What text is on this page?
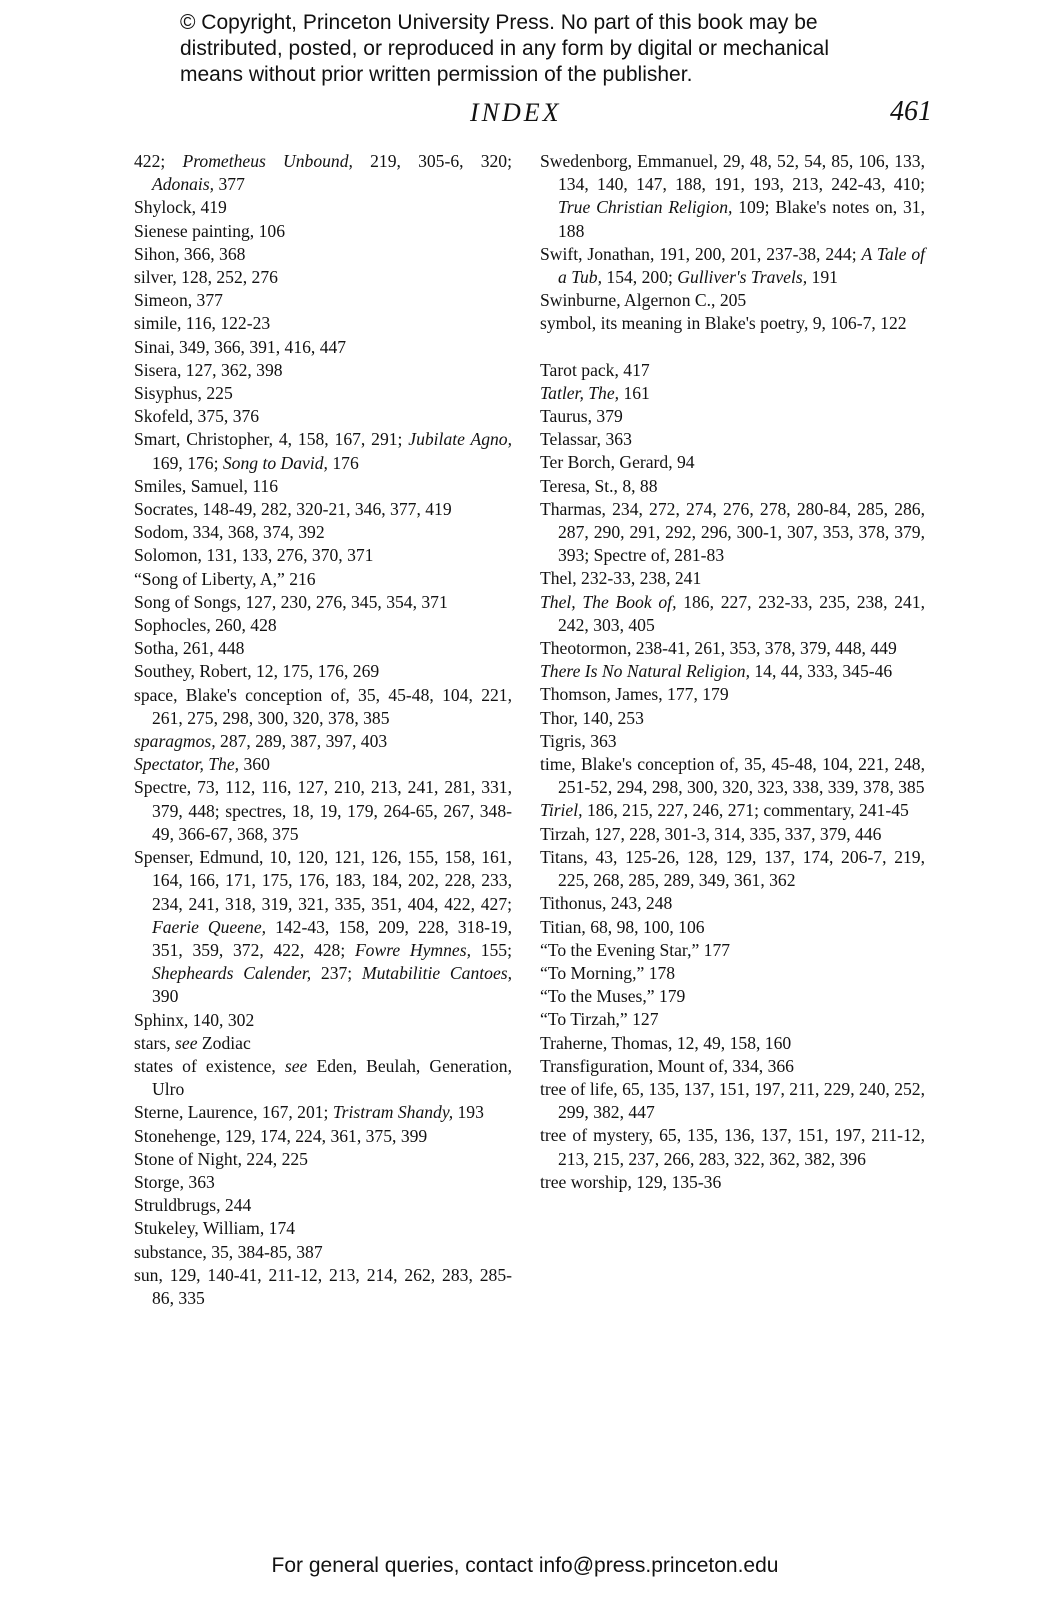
© Copyright, Princeton University Press. No part of this book may be
distributed, posted, or reproduced in any form by digital or mechanical
means without prior written permission of the publisher.
INDEX	461
422; Prometheus Unbound, 219, 305-6, 320; Adonais, 377
Shylock, 419
Sienese painting, 106
Sihon, 366, 368
silver, 128, 252, 276
Simeon, 377
simile, 116, 122-23
Sinai, 349, 366, 391, 416, 447
Sisera, 127, 362, 398
Sisyphus, 225
Skofeld, 375, 376
Smart, Christopher, 4, 158, 167, 291; Jubilate Agno, 169, 176; Song to David, 176
Smiles, Samuel, 116
Socrates, 148-49, 282, 320-21, 346, 377, 419
Sodom, 334, 368, 374, 392
Solomon, 131, 133, 276, 370, 371
“Song of Liberty, A,” 216
Song of Songs, 127, 230, 276, 345, 354, 371
Sophocles, 260, 428
Sotha, 261, 448
Southey, Robert, 12, 175, 176, 269
space, Blake's conception of, 35, 45-48, 104, 221, 261, 275, 298, 300, 320, 378, 385
sparagmos, 287, 289, 387, 397, 403
Spectator, The, 360
Spectre, 73, 112, 116, 127, 210, 213, 241, 281, 331, 379, 448; spectres, 18, 19, 179, 264-65, 267, 348-49, 366-67, 368, 375
Spenser, Edmund, 10, 120, 121, 126, 155, 158, 161, 164, 166, 171, 175, 176, 183, 184, 202, 228, 233, 234, 241, 318, 319, 321, 335, 351, 404, 422, 427; Faerie Queene, 142-43, 158, 209, 228, 318-19, 351, 359, 372, 422, 428; Fowre Hymnes, 155; Shepheards Calender, 237; Mutabilitie Cantoes, 390
Sphinx, 140, 302
stars, see Zodiac
states of existence, see Eden, Beulah, Generation, Ulro
Sterne, Laurence, 167, 201; Tristram Shandy, 193
Stonehenge, 129, 174, 224, 361, 375, 399
Stone of Night, 224, 225
Storge, 363
Struldbrugs, 244
Stukeley, William, 174
substance, 35, 384-85, 387
sun, 129, 140-41, 211-12, 213, 214, 262, 283, 285-86, 335
Swedenborg, Emmanuel, 29, 48, 52, 54, 85, 106, 133, 134, 140, 147, 188, 191, 193, 213, 242-43, 410; True Christian Religion, 109; Blake's notes on, 31, 188
Swift, Jonathan, 191, 200, 201, 237-38, 244; A Tale of a Tub, 154, 200; Gulliver's Travels, 191
Swinburne, Algernon C., 205
symbol, its meaning in Blake's poetry, 9, 106-7, 122
Tarot pack, 417
Tatler, The, 161
Taurus, 379
Telassar, 363
Ter Borch, Gerard, 94
Teresa, St., 8, 88
Tharmas, 234, 272, 274, 276, 278, 280-84, 285, 286, 287, 290, 291, 292, 296, 300-1, 307, 353, 378, 379, 393; Spectre of, 281-83
Thel, 232-33, 238, 241
Thel, The Book of, 186, 227, 232-33, 235, 238, 241, 242, 303, 405
Theotormon, 238-41, 261, 353, 378, 379, 448, 449
There Is No Natural Religion, 14, 44, 333, 345-46
Thomson, James, 177, 179
Thor, 140, 253
Tigris, 363
time, Blake's conception of, 35, 45-48, 104, 221, 248, 251-52, 294, 298, 300, 320, 323, 338, 339, 378, 385
Tiriel, 186, 215, 227, 246, 271; commentary, 241-45
Tirzah, 127, 228, 301-3, 314, 335, 337, 379, 446
Titans, 43, 125-26, 128, 129, 137, 174, 206-7, 219, 225, 268, 285, 289, 349, 361, 362
Tithonus, 243, 248
Titian, 68, 98, 100, 106
“To the Evening Star,” 177
“To Morning,” 178
“To the Muses,” 179
“To Tirzah,” 127
Traherne, Thomas, 12, 49, 158, 160
Transfiguration, Mount of, 334, 366
tree of life, 65, 135, 137, 151, 197, 211, 229, 240, 252, 299, 382, 447
tree of mystery, 65, 135, 136, 137, 151, 197, 211-12, 213, 215, 237, 266, 283, 322, 362, 382, 396
tree worship, 129, 135-36
For general queries, contact info@press.princeton.edu
